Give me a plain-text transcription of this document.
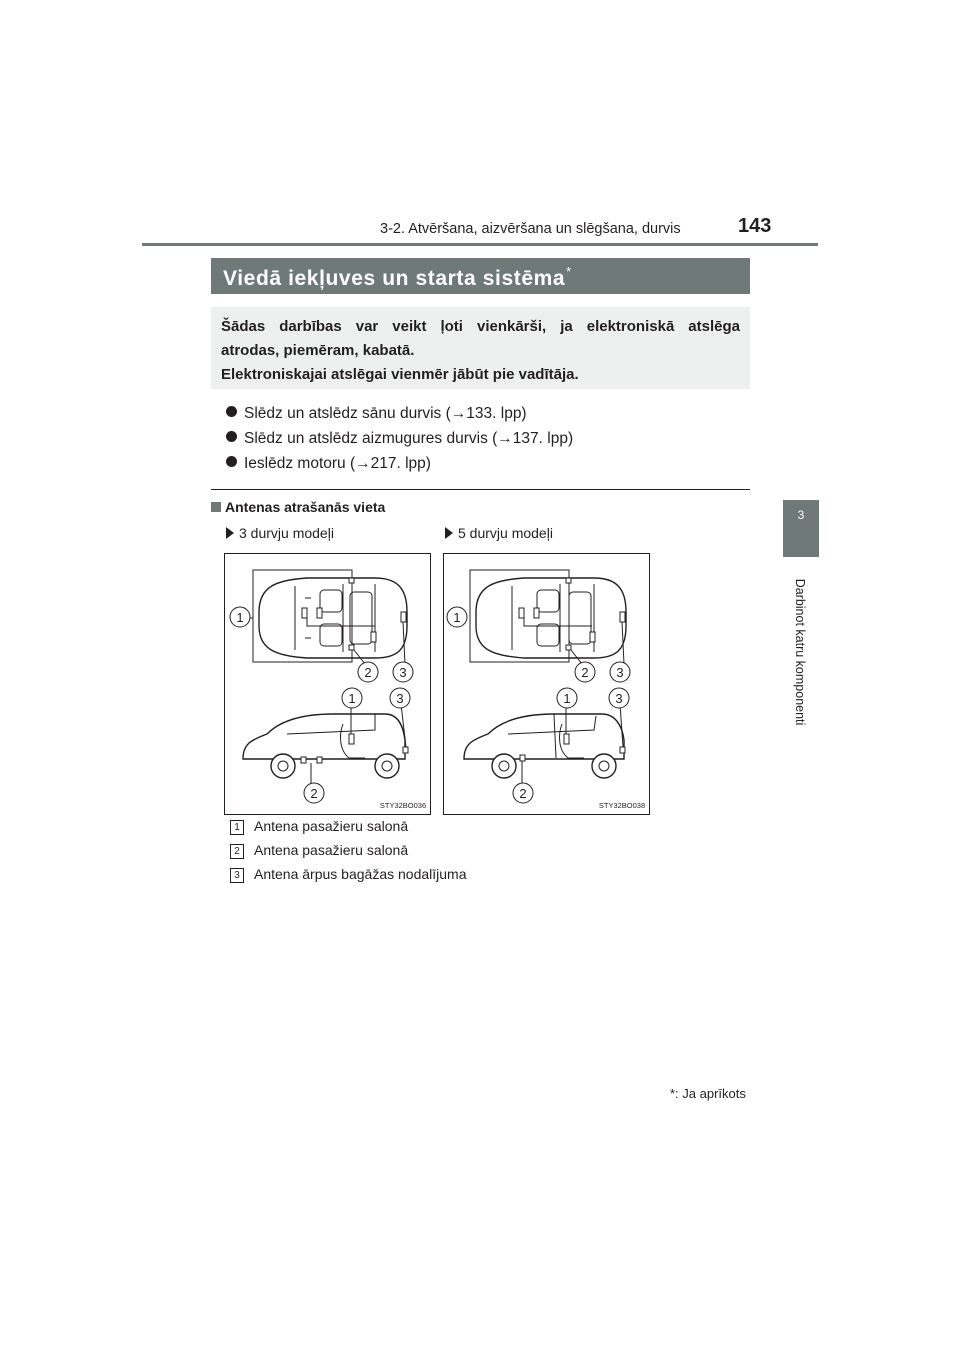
3-2. Atvēršana, aizvēršana un slēgšana, durvis	143
3
Darbinot katru komponenti
Viedā iekļuves un starta sistēma*

Šādas darbības var veikt ļoti vienkārši, ja elektroniskā atslēga

atrodas, piemēram, kabatā.

Elektroniskajai atslēgai vienmēr jābūt pie vadītāja.

Slēdz un atslēdz sānu durvis (→133. lpp)
Slēdz un atslēdz aizmugures durvis (→137. lpp)
Ieslēdz motoru (→217. lpp)
Antenas atrašanās vieta
3 durvju modeļi	5 durvju modeļi
1
2 3
1	3
2
STY32BO036
1
2 3
1	3
2
STY32BO038
1 Antena pasažieru salonā
2 Antena pasažieru salonā
3 Antena ārpus bagāžas nodalījuma
*: Ja aprīkots
